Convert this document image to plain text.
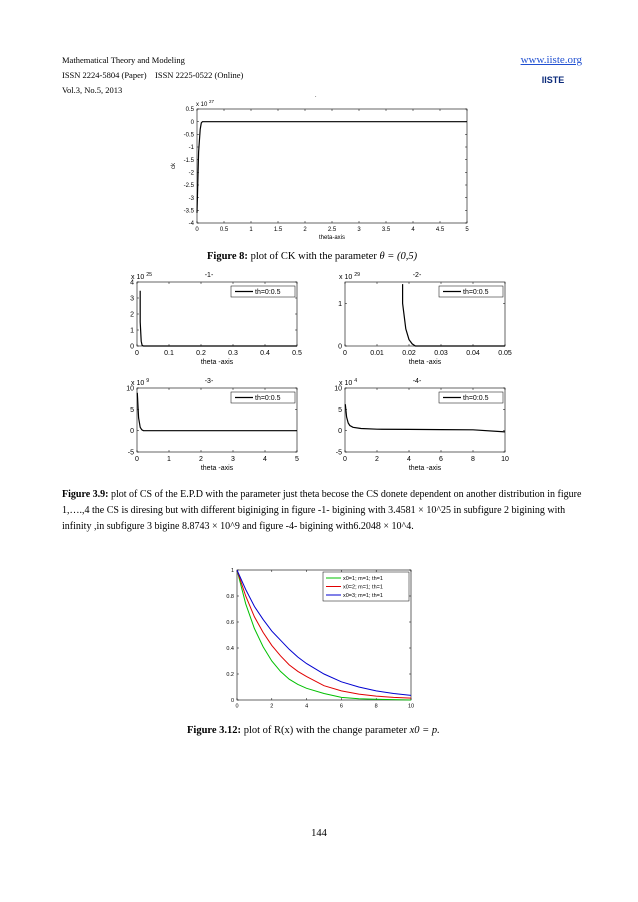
Mathematical Theory and Modeling
ISSN 2224-5804 (Paper)    ISSN 2225-0522 (Online)
Vol.3, No.5, 2013
www.iiste.org
IISTE
.
0	0.5	1	1.5	2	2.5	3	3.5	4	4.5	5
0.5
0
-0.5
-1
-1.5
-2
-2.5
-3
-3.5
-4
theta-axis
ck
x 10 $^{27}$
Figure 8: plot of CK with the parameter θ = (0,5)
0	0.1	0.2	0.3	0.4	0.5
4
3
2
1
0
theta -axis
x 10 $^{25}$	-1-
th=0:0.5
0	0.01	0.02	0.03	0.04	0.05
1
0
theta -axis
x 10 $^{29}$	-2-
th=0:0.5
0	1	2	3	4	5
10
5
0
-5
theta -axis
x 10 $^9$	-3-
th=0:0.5
0	2	4	6	8	10
10
5
0
-5
theta -axis
x 10 $^4$	-4-
th=0:0.5
Figure 3.9: plot of CS of the E.P.D with the parameter just theta becose the CS donete dependent on another distribution in figure 1,….,4 the CS is diresing but with different biginiging in figure -1- bigining with 3.4581 × 10^25 in subfigure 2 bigining with infinity ,in subfigure 3 bigine 8.8743 × 10^9 and figure -4- bigining with6.2048 × 10^4.
0	2	4	6	8	10
1
0.8
0.6
0.4
0.2
0
x0=1; m=1; th=1
x0=2; m=1; th=1
x0=3; m=1; th=1
Figure 3.12: plot of R(x) with the change parameter x0 = p.
144
